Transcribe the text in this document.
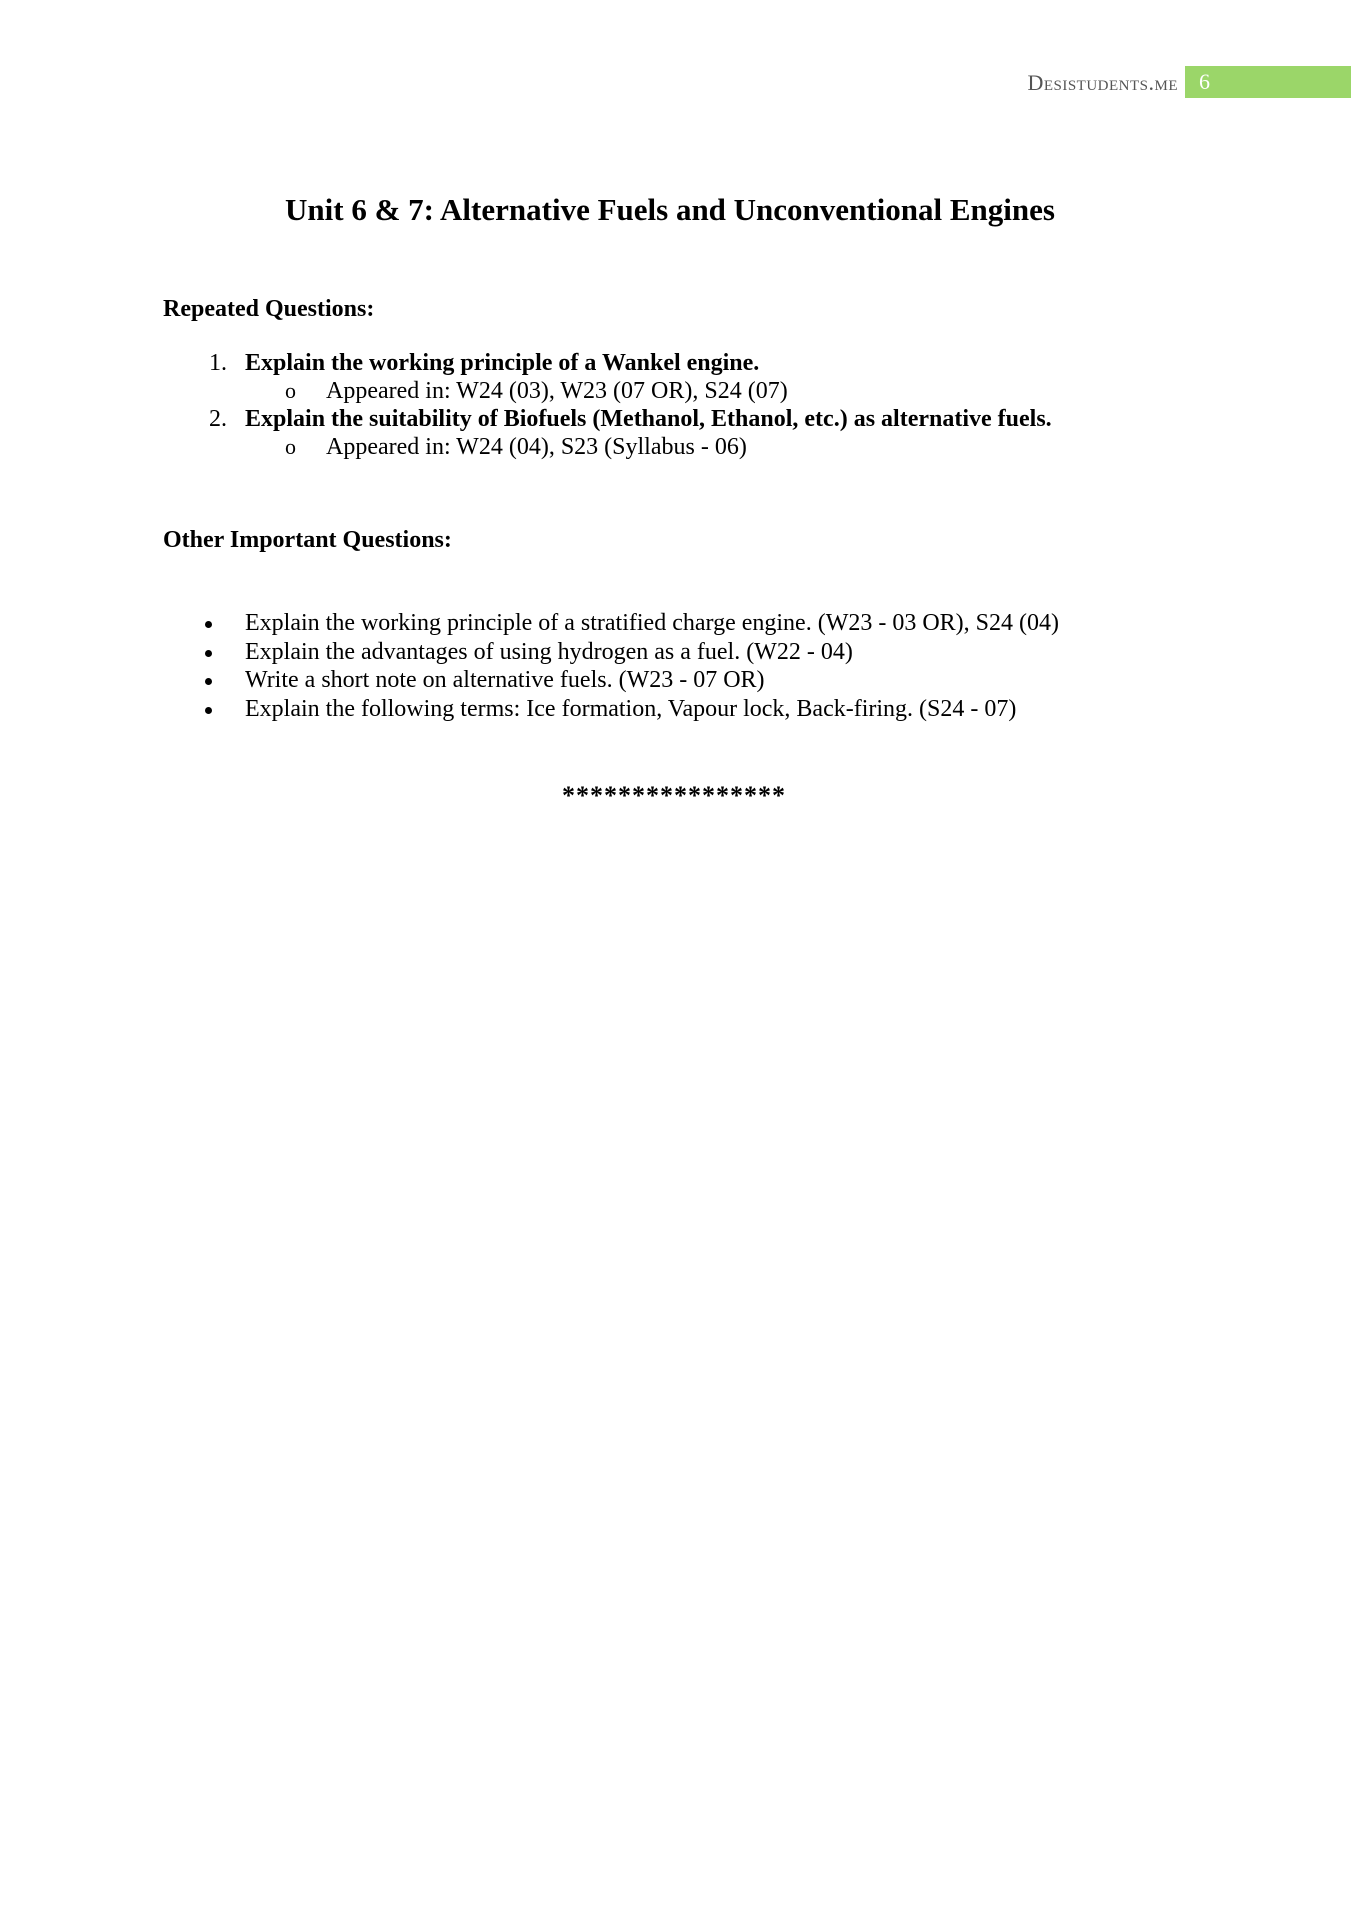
Desistudents.me 6
Unit 6 & 7: Alternative Fuels and Unconventional Engines
Repeated Questions:
1. Explain the working principle of a Wankel engine.
o Appeared in: W24 (03), W23 (07 OR), S24 (07)
2. Explain the suitability of Biofuels (Methanol, Ethanol, etc.) as alternative fuels.
o Appeared in: W24 (04), S23 (Syllabus - 06)
Other Important Questions:
Explain the working principle of a stratified charge engine. (W23 - 03 OR), S24 (04)
Explain the advantages of using hydrogen as a fuel. (W22 - 04)
Write a short note on alternative fuels. (W23 - 07 OR)
Explain the following terms: Ice formation, Vapour lock, Back-firing. (S24 - 07)
****************
